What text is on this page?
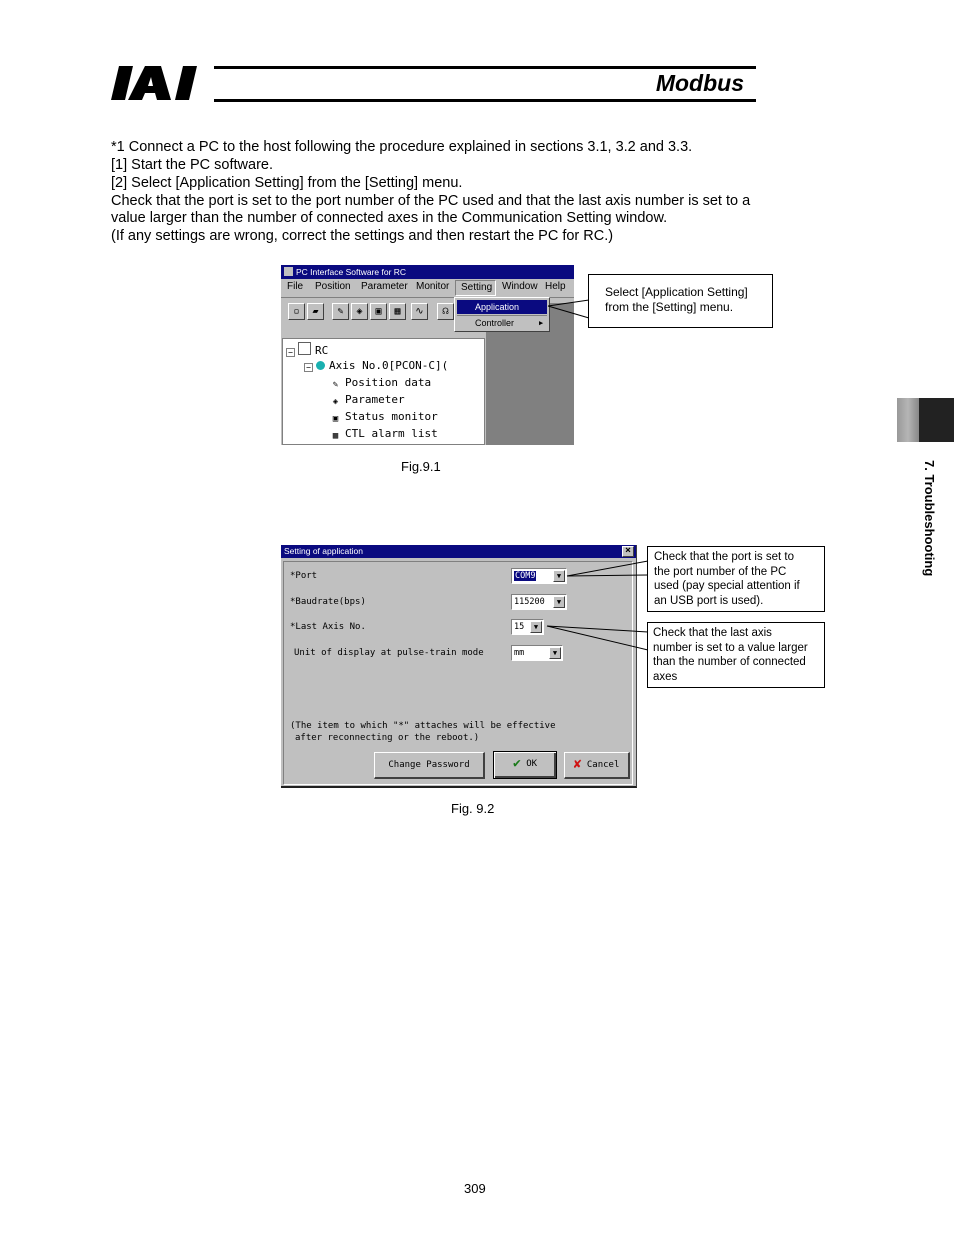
Modbus
7. Troubleshooting
*1 Connect a PC to the host following the procedure explained in sections 3.1, 3.2 and 3.3.
[1] Start the PC software.
[2] Select [Application Setting] from the [Setting] menu.
Check that the port is set to the port number of the PC used and that the last axis number is set to a
value larger than the number of connected axes in the Communication Setting window.
(If any settings are wrong, correct the settings and then restart the PC for RC.)
PC Interface Software for RC
File Position Parameter Monitor Setting Window Help
▫	▰	✎	◈	▣	▦	∿	☊	Application
Controller	▶
− RC
− Axis No.0[PCON-C](
✎ Position data
◈ Parameter
▣ Status monitor
▦ CTL alarm list
Select [Application Setting]
from the [Setting] menu.
Fig.9.1
Setting of application	×
*Port	COM9	▼
*Baudrate(bps)	115200	▼
*Last Axis No.	15	▼
Unit of display at pulse-train mode	mm	▼
(The item to which "*" attaches will be effective
after reconnecting or the reboot.)
Change Password	✔ OK	✘ Cancel
Check that the port is set to
the port number of the PC
used (pay special attention if
an USB port is used).
Check that the last axis
number is set to a value larger
than the number of connected
axes
Fig. 9.2
309
